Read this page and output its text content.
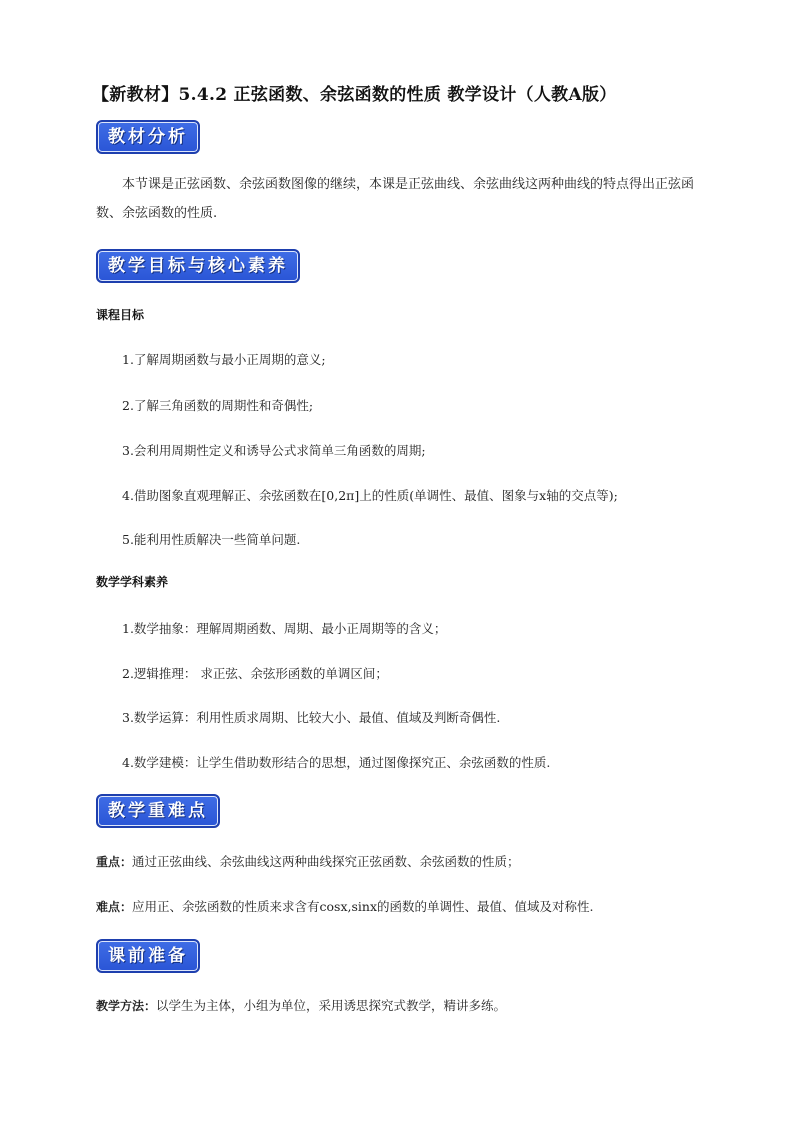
【新教材】5.4.2 正弦函数、余弦函数的性质 教学设计（人教A版）
教材分析
本节课是正弦函数、余弦函数图像的继续，本课是正弦曲线、余弦曲线这两种曲线的特点得出正弦函数、余弦函数的性质.
教学目标与核心素养
课程目标
1.了解周期函数与最小正周期的意义;
2.了解三角函数的周期性和奇偶性;
3.会利用周期性定义和诱导公式求简单三角函数的周期;
4.借助图象直观理解正、余弦函数在[0,2π]上的性质(单调性、最值、图象与x轴的交点等);
5.能利用性质解决一些简单问题.
数学学科素养
1.数学抽象：理解周期函数、周期、最小正周期等的含义；
2.逻辑推理： 求正弦、余弦形函数的单调区间；
3.数学运算：利用性质求周期、比较大小、最值、值域及判断奇偶性.
4.数学建模：让学生借助数形结合的思想，通过图像探究正、余弦函数的性质.
教学重难点
重点：通过正弦曲线、余弦曲线这两种曲线探究正弦函数、余弦函数的性质；
难点：应用正、余弦函数的性质来求含有cosx,sinx的函数的单调性、最值、值域及对称性.
课前准备
教学方法：以学生为主体，小组为单位，采用诱思探究式教学，精讲多练。
